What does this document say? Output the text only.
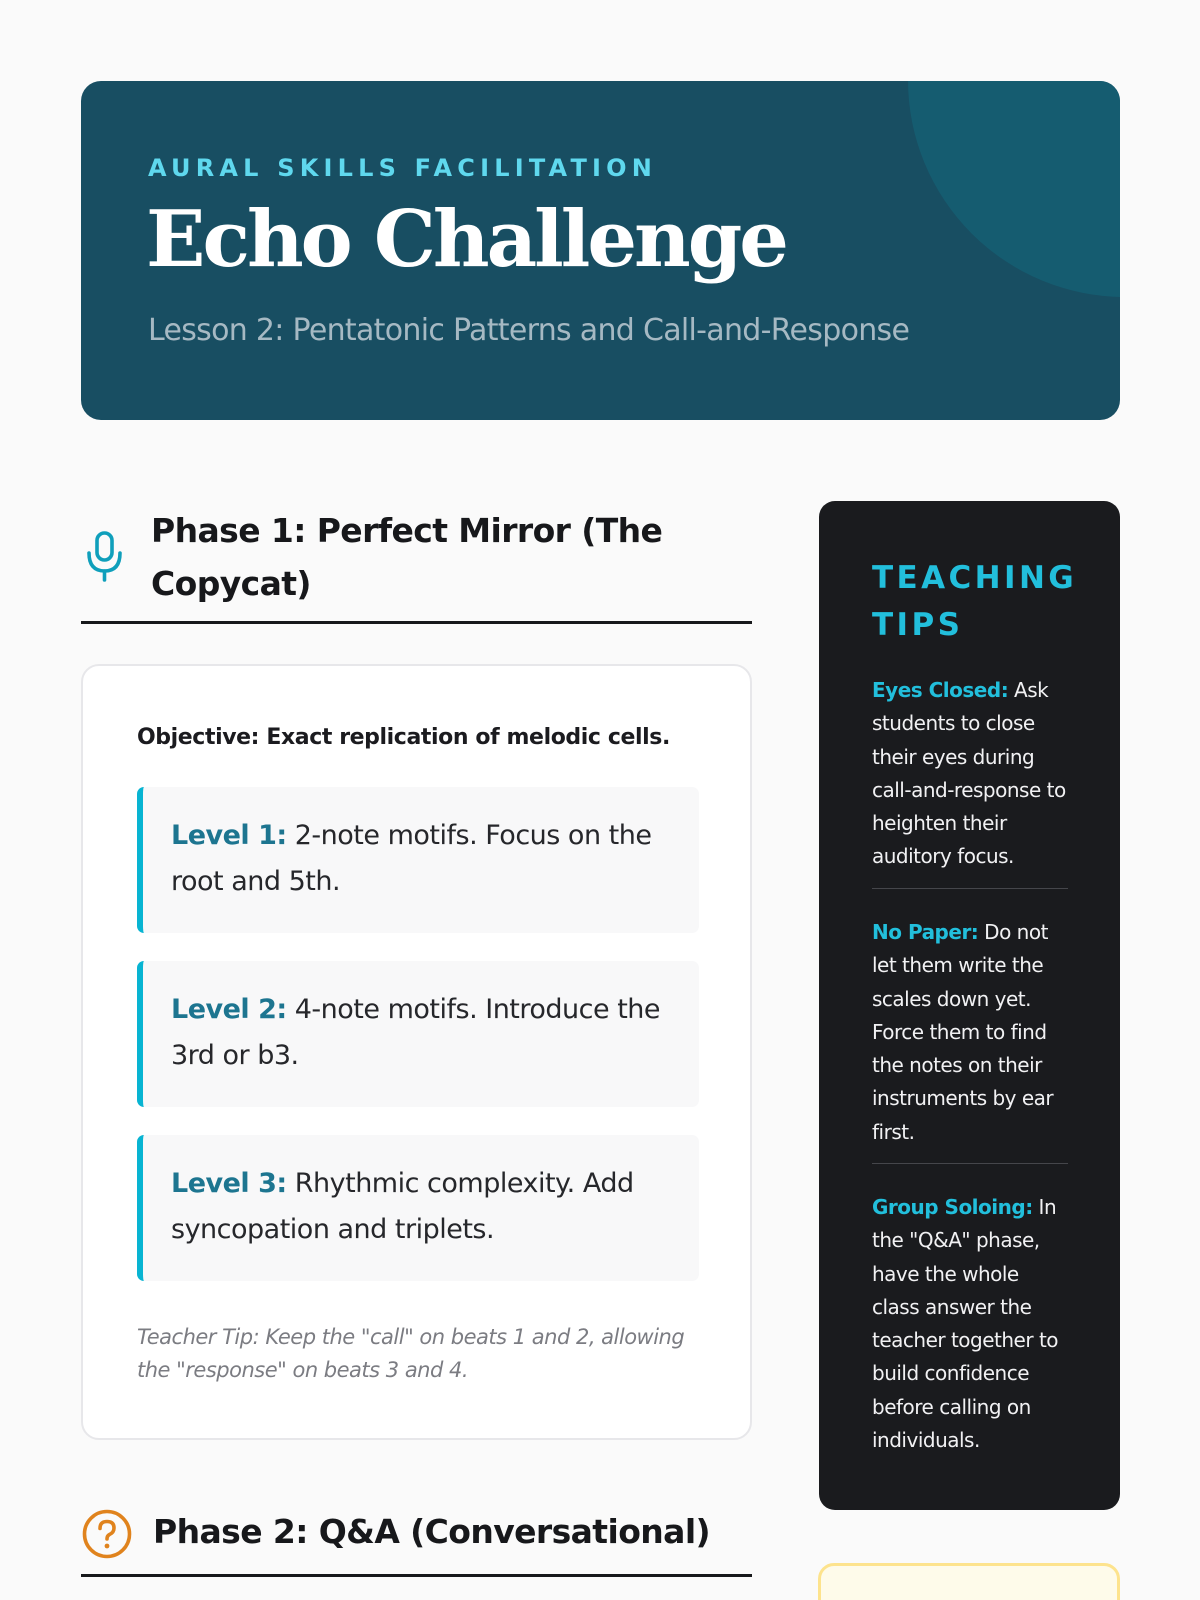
AURAL SKILLS FACILITATION
Echo Challenge
Lesson 2: Pentatonic Patterns and Call-and-Response
Phase 1: Perfect Mirror (The Copycat)

Objective: Exact replication of melodic cells.

Level 1: 2-note motifs. Focus on the root and 5th.
Level 2: 4-note motifs. Introduce the 3rd or b3.
Level 3: Rhythmic complexity. Add syncopation and triplets.

Teacher Tip: Keep the "call" on beats 1 and 2, allowing the "response" on beats 3 and 4.

Phase 2: Q&A (Conversational)
TEACHING TIPS

Eyes Closed: Ask students to close their eyes during call-and-response to heighten their auditory focus.

No Paper: Do not let them write the scales down yet. Force them to find the notes on their instruments by ear first.

Group Soloing: In the "Q&A" phase, have the whole class answer the teacher together to build confidence before calling on individuals.
